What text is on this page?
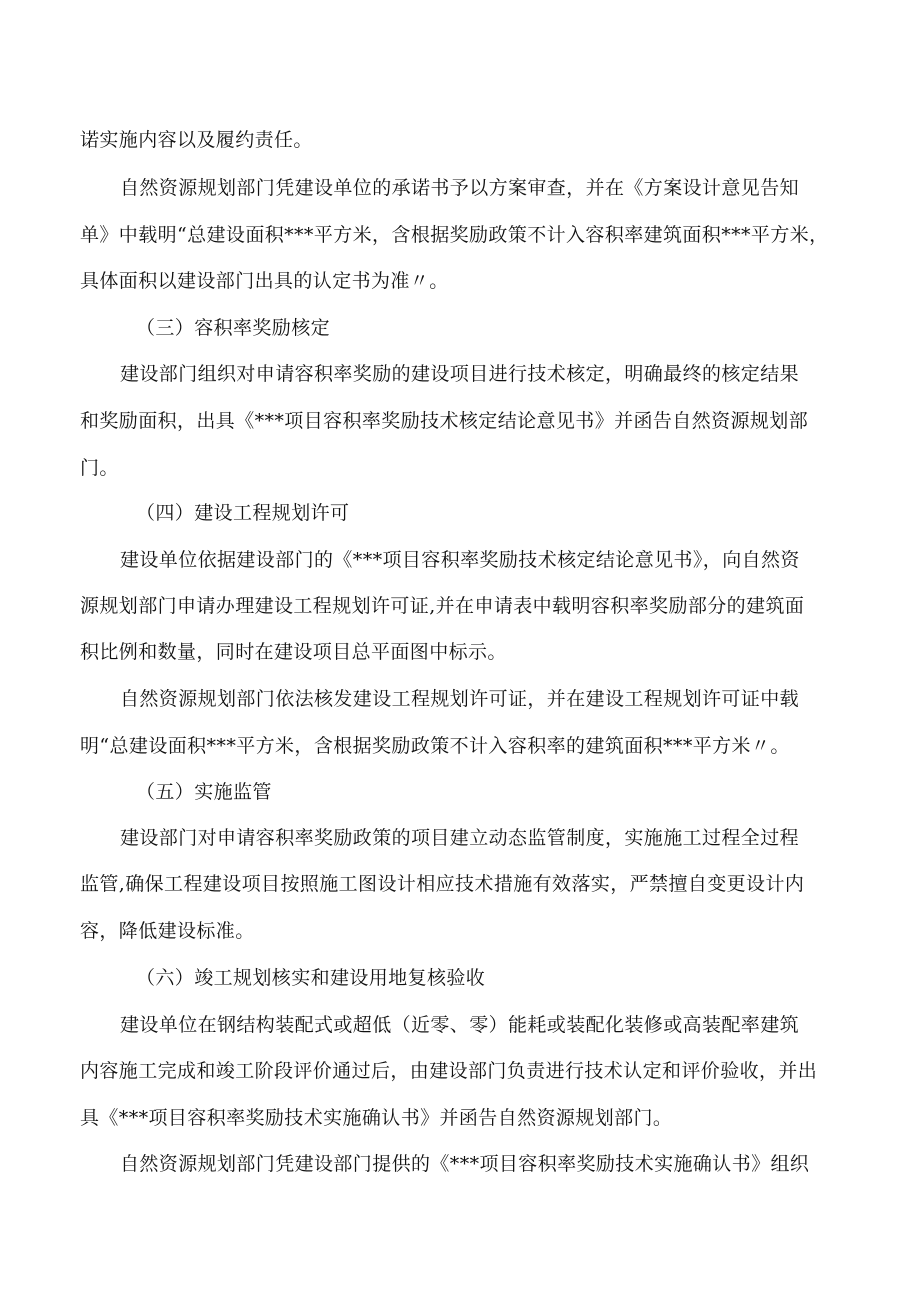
诺实施内容以及履约责任。
自然资源规划部门凭建设单位的承诺书予以方案审查，并在《方案设计意见告知
单》中载明“总建设面积***平方米，含根据奖励政策不计入容积率建筑面积***平方米，
具体面积以建设部门出具的认定书为准〃。
（三）容积率奖励核定
建设部门组织对申请容积率奖励的建设项目进行技术核定，明确最终的核定结果
和奖励面积，出具《***项目容积率奖励技术核定结论意见书》并函告自然资源规划部
门。
（四）建设工程规划许可
建设单位依据建设部门的《***项目容积率奖励技术核定结论意见书》，向自然资
源规划部门申请办理建设工程规划许可证,并在申请表中载明容积率奖励部分的建筑面
积比例和数量，同时在建设项目总平面图中标示。
自然资源规划部门依法核发建设工程规划许可证，并在建设工程规划许可证中载
明“总建设面积***平方米，含根据奖励政策不计入容积率的建筑面积***平方米〃。
（五）实施监管
建设部门对申请容积率奖励政策的项目建立动态监管制度，实施施工过程全过程
监管,确保工程建设项目按照施工图设计相应技术措施有效落实，严禁擅自变更设计内
容，降低建设标准。
（六）竣工规划核实和建设用地复核验收
建设单位在钢结构装配式或超低（近零、零）能耗或装配化装修或高装配率建筑
内容施工完成和竣工阶段评价通过后，由建设部门负责进行技术认定和评价验收，并出
具《***项目容积率奖励技术实施确认书》并函告自然资源规划部门。
自然资源规划部门凭建设部门提供的《***项目容积率奖励技术实施确认书》组织
